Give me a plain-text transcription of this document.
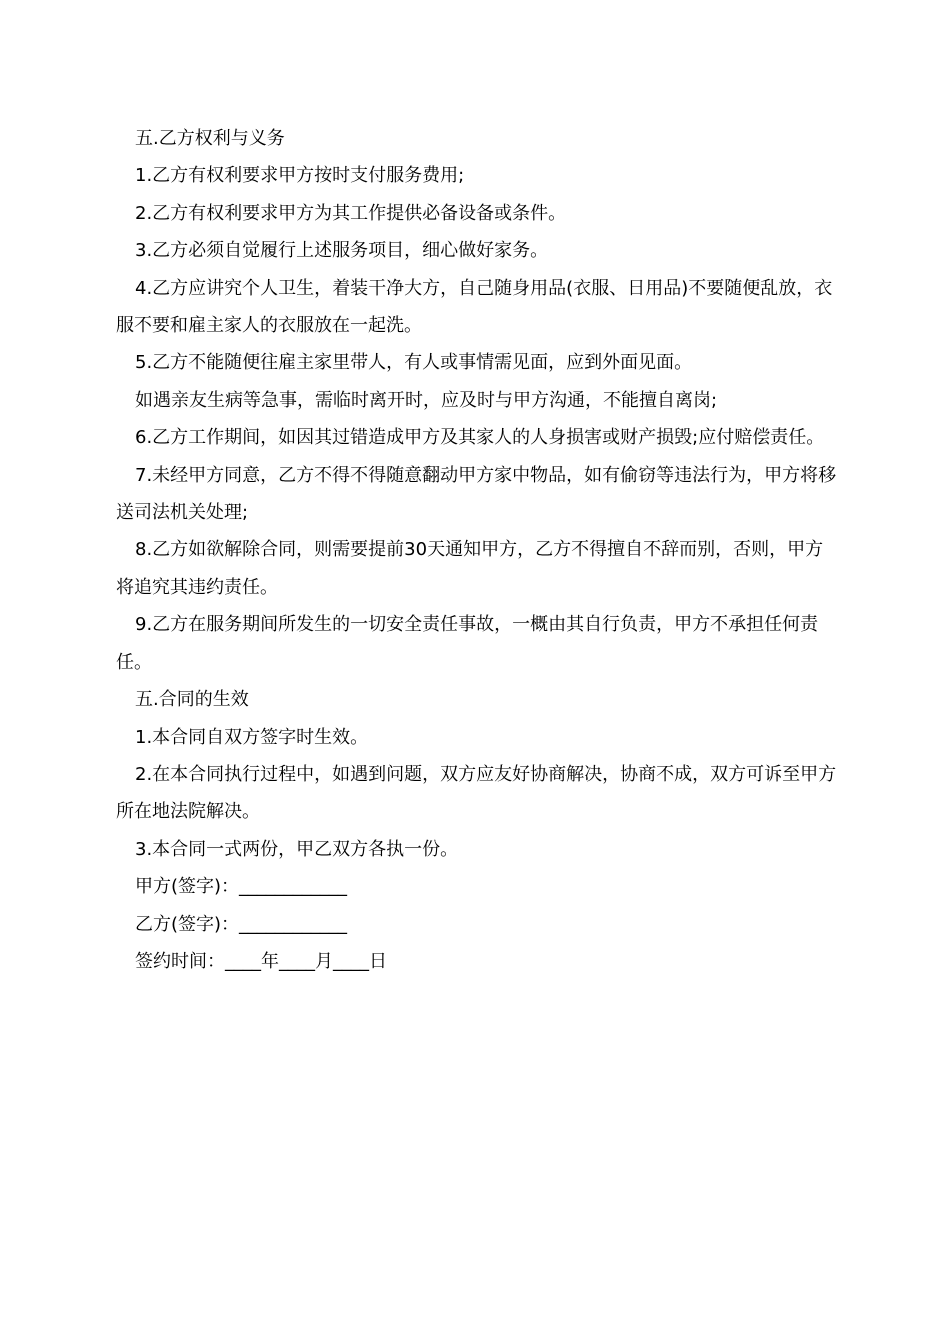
五.乙方权利与义务

1.乙方有权利要求甲方按时支付服务费用;

2.乙方有权利要求甲方为其工作提供必备设备或条件。

3.乙方必须自觉履行上述服务项目，细心做好家务。

4.乙方应讲究个人卫生，着装干净大方，自己随身用品(衣服、日用品)不要随便乱放，衣服不要和雇主家人的衣服放在一起洗。

5.乙方不能随便往雇主家里带人，有人或事情需见面，应到外面见面。

如遇亲友生病等急事，需临时离开时，应及时与甲方沟通，不能擅自离岗;

6.乙方工作期间，如因其过错造成甲方及其家人的人身损害或财产损毁;应付赔偿责任。

7.未经甲方同意，乙方不得不得随意翻动甲方家中物品，如有偷窃等违法行为，甲方将移送司法机关处理;

8.乙方如欲解除合同，则需要提前30天通知甲方，乙方不得擅自不辞而别，否则，甲方将追究其违约责任。

9.乙方在服务期间所发生的一切安全责任事故，一概由其自行负责，甲方不承担任何责任。

五.合同的生效

1.本合同自双方签字时生效。

2.在本合同执行过程中，如遇到问题，双方应友好协商解决，协商不成，双方可诉至甲方所在地法院解决。

3.本合同一式两份，甲乙双方各执一份。

甲方(签字)：____________

乙方(签字)：____________

签约时间：____年____月____日
